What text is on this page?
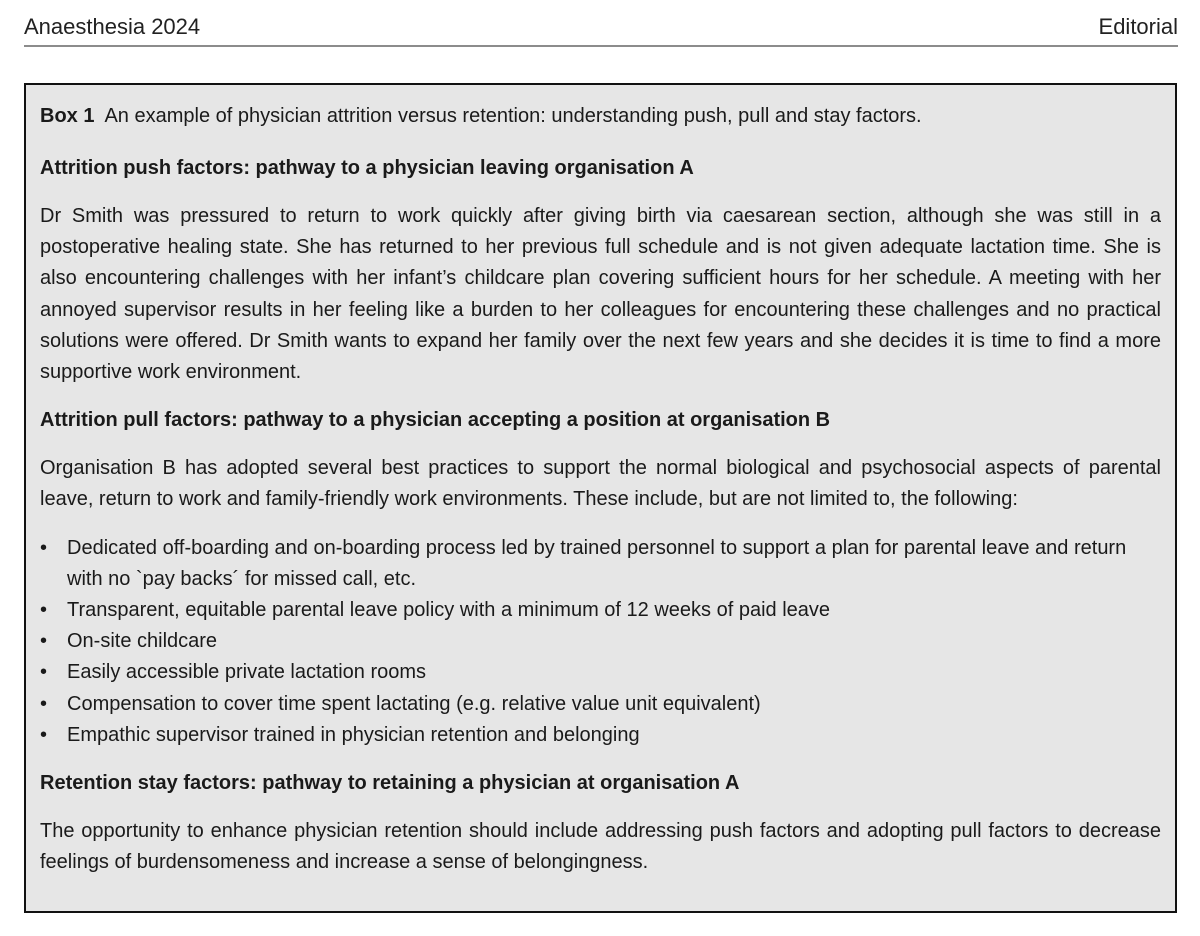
Anaesthesia 2024	Editorial
Box 1 An example of physician attrition versus retention: understanding push, pull and stay factors.
Attrition push factors: pathway to a physician leaving organisation A

Dr Smith was pressured to return to work quickly after giving birth via caesarean section, although she was still in a postoperative healing state. She has returned to her previous full schedule and is not given adequate lactation time. She is also encountering challenges with her infant’s childcare plan covering sufficient hours for her schedule. A meeting with her annoyed supervisor results in her feeling like a burden to her colleagues for encountering these challenges and no practical solutions were offered. Dr Smith wants to expand her family over the next few years and she decides it is time to find a more supportive work environment.

Attrition pull factors: pathway to a physician accepting a position at organisation B

Organisation B has adopted several best practices to support the normal biological and psychosocial aspects of parental leave, return to work and family-friendly work environments. These include, but are not limited to, the following:

• Dedicated off-boarding and on-boarding process led by trained personnel to support a plan for parental leave and return with no `pay backs´ for missed call, etc.
• Transparent, equitable parental leave policy with a minimum of 12 weeks of paid leave
• On-site childcare
• Easily accessible private lactation rooms
• Compensation to cover time spent lactating (e.g. relative value unit equivalent)
• Empathic supervisor trained in physician retention and belonging
Retention stay factors: pathway to retaining a physician at organisation A

The opportunity to enhance physician retention should include addressing push factors and adopting pull factors to decrease feelings of burdensomeness and increase a sense of belongingness.
